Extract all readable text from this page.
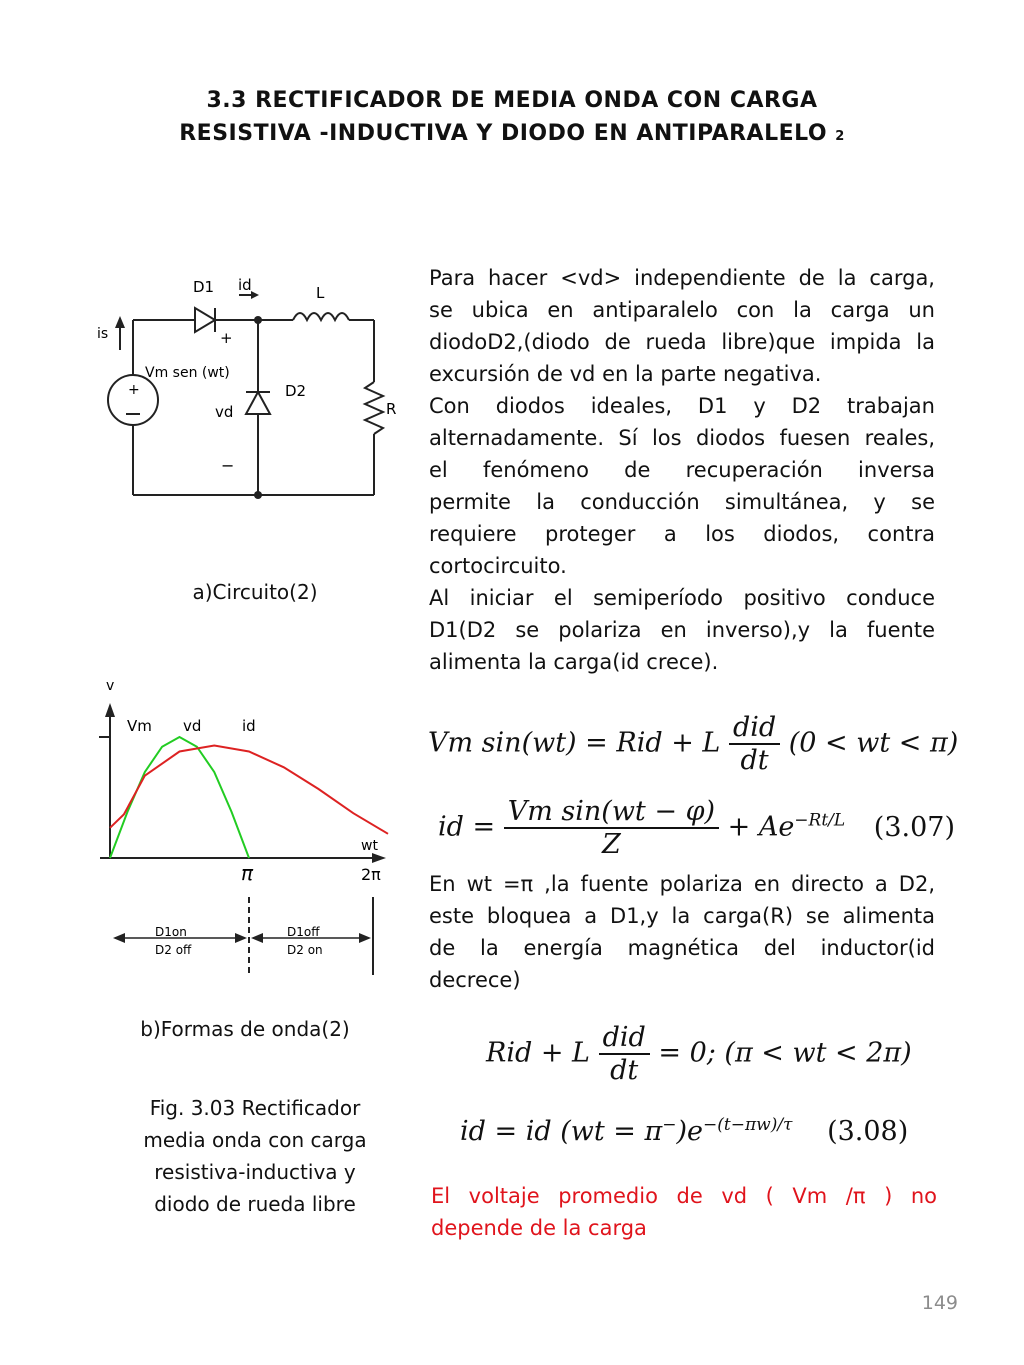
3.3 RECTIFICADOR DE MEDIA ONDA CON CARGA
RESISTIVA -INDUCTIVA Y DIODO EN ANTIPARALELO 2
D1 id	L
is
Vm sen (wt)
+
+
D2
R
vd
−
a)Circuito(2)
v
wt
π	2π
Vm vd	id
D1on
D2 off
D1off
D2 on
b)Formas de onda(2)
Fig. 3.03 Rectificador
media onda con carga
resistiva-inductiva y
diodo de rueda libre
Para hacer <vd> independiente de la carga,
se ubica en antiparalelo con la carga un
diodoD2,(diodo de rueda libre)que impida la
excursión de vd en la parte negativa.
Con diodos ideales, D1 y D2 trabajan
alternadamente. Sí los diodos fuesen reales,
el fenómeno de recuperación inversa
permite la conducción simultánea, y se
requiere proteger a los diodos, contra
cortocircuito.
Al iniciar el semiperíodo positivo conduce
D1(D2 se polariza en inverso),y la fuente
alimenta la carga(id crece).
Vm sin(wt) = Rid + L $\frac{\text{did}}{dt} (0$ < wt < π)
id = $\frac{\text{Vm sin(wt − φ)}}{Z} + Ae^{-Rt/L}$ (3.07)
En wt =π ,la fuente polariza en directo a D2,
este bloquea a D1,y la carga(R) se alimenta
de la energía magnética del inductor(id
decrece)
Rid + L $\frac{\text{did}}{dt} = 0$; (π < wt < 2π)
id = id $(wt = \pi^-)e^{-(t-\pi w)/\tau}$ (3.08)
El voltaje promedio de vd ( Vm /π ) no
depende de la carga
149
